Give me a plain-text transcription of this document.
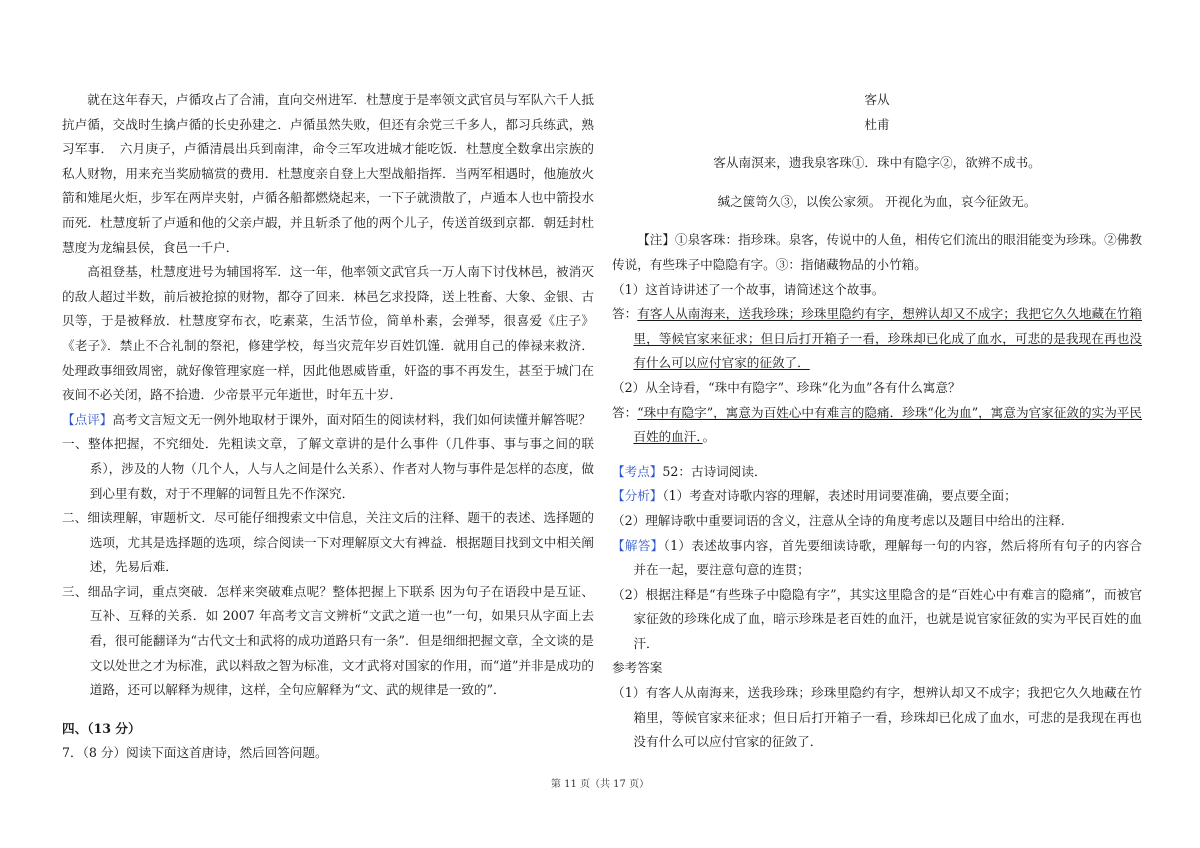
就在这年春天，卢循攻占了合浦，直向交州进军．杜慧度于是率领文武官员与军队六千人抵抗卢循，交战时生擒卢循的长史孙建之．卢循虽然失败，但还有余党三千多人，都习兵练武，熟习军事．　六月庚子，卢循清晨出兵到南津，命令三军攻进城才能吃饭．杜慧度全数拿出宗族的私人财物，用来充当奖励犒赏的费用．杜慧度亲自登上大型战船指挥．当两军相遇时，他施放火箭和雉尾火炬，步军在两岸夹射，卢循各船都燃烧起来，一下子就溃散了，卢遁本人也中箭投水而死．杜慧度斩了卢遁和他的父亲卢嘏，并且斩杀了他的两个儿子，传送首级到京都．朝廷封杜慧度为龙编县侯，食邑一千户．

高祖登基，杜慧度进号为辅国将军．这一年，他率领文武官兵一万人南下讨伐林邑，被消灭的敌人超过半数，前后被抢掠的财物，都夺了回来．林邑乞求投降，送上牲畜、大象、金银、古贝等，于是被释放．杜慧度穿布衣，吃素菜，生活节俭，简单朴素，会弹琴，很喜爱《庄子》《老子》．禁止不合礼制的祭祀，修建学校，每当灾荒年岁百姓饥馑．就用自己的俸禄来救济．处理政事细致周密，就好像管理家庭一样，因此他恩威皆重，奸盗的事不再发生，甚至于城门在夜间不必关闭，路不拾遗．少帝景平元年逝世，时年五十岁．

【点评】高考文言短文无一例外地取材于课外，面对陌生的阅读材料，我们如何读懂并解答呢？

一、整体把握，不究细处．先粗读文章，了解文章讲的是什么事件（几件事、事与事之间的联系），涉及的人物（几个人，人与人之间是什么关系）、作者对人物与事件是怎样的态度，做到心里有数，对于不理解的词暂且先不作深究．

二、细读理解，审题析文．尽可能仔细搜索文中信息，关注文后的注释、题干的表述、选择题的选项，尤其是选择题的选项，综合阅读一下对理解原文大有裨益．根据题目找到文中相关阐述，先易后难．

三、细品字词，重点突破．怎样来突破难点呢？整体把握上下联系 因为句子在语段中是互证、互补、互释的关系．如 2007 年高考文言文辨析“文武之道一也”一句，如果只从字面上去看，很可能翻译为“古代文士和武将的成功道路只有一条”．但是细细把握文章，全文谈的是文以处世之才为标准，武以料敌之智为标准，文才武将对国家的作用，而“道”并非是成功的道路，还可以解释为规律，这样，全句应解释为“文、武的规律是一致的”．

四、（13 分）

7．（8 分）阅读下面这首唐诗，然后回答问题。

客从

杜甫

客从南溟来，遗我泉客珠①．珠中有隐字②，欲辨不成书。

缄之箧笥久③，以俟公家须。 开视化为血，哀今征敛无。

【注】①泉客珠：指珍珠。泉客，传说中的人鱼，相传它们流出的眼泪能变为珍珠。②佛教传说，有些珠子中隐隐有字。③：指储藏物品的小竹箱。

（1）这首诗讲述了一个故事，请简述这个故事。

答：有客人从南海来，送我珍珠；珍珠里隐约有字，想辨认却又不成字；我把它久久地藏在竹箱里，等候官家来征求；但日后打开箱子一看，珍珠却已化成了血水，可悲的是我现在再也没有什么可以应付官家的征敛了．

（2）从全诗看，“珠中有隐字”、珍珠“化为血”各有什么寓意？

答：“珠中有隐字”，寓意为百姓心中有难言的隐痛．珍珠“化为血”，寓意为官家征敛的实为平民百姓的血汗．。

【考点】52：古诗词阅读．

【分析】（1）考查对诗歌内容的理解，表述时用词要准确，要点要全面；

（2）理解诗歌中重要词语的含义，注意从全诗的角度考虑以及题目中给出的注释．

【解答】（1）表述故事内容，首先要细读诗歌，理解每一句的内容，然后将所有句子的内容合并在一起，要注意句意的连贯；

（2）根据注释是“有些珠子中隐隐有字”，其实这里隐含的是“百姓心中有难言的隐痛”，而被官家征敛的珍珠化成了血，暗示珍珠是老百姓的血汗，也就是说官家征敛的实为平民百姓的血汗．

参考答案

（1）有客人从南海来，送我珍珠；珍珠里隐约有字，想辨认却又不成字；我把它久久地藏在竹箱里，等候官家来征求；但日后打开箱子一看，珍珠却已化成了血水，可悲的是我现在再也没有什么可以应付官家的征敛了．

第 11 页（共 17 页）
